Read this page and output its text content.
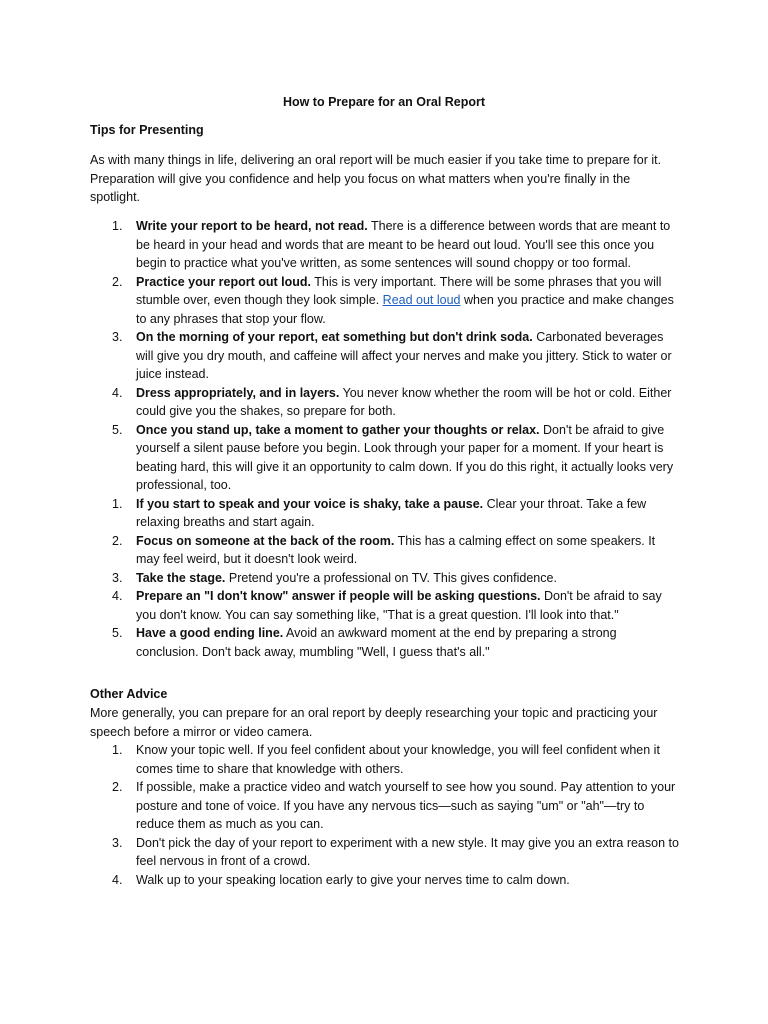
How to Prepare for an Oral Report
Tips for Presenting

As with many things in life, delivering an oral report will be much easier if you take time to prepare for it. Preparation will give you confidence and help you focus on what matters when you're finally in the spotlight.

1. Write your report to be heard, not read. There is a difference between words that are meant to be heard in your head and words that are meant to be heard out loud. You'll see this once you begin to practice what you've written, as some sentences will sound choppy or too formal.
2. Practice your report out loud. This is very important. There will be some phrases that you will stumble over, even though they look simple. Read out loud when you practice and make changes to any phrases that stop your flow.
3. On the morning of your report, eat something but don't drink soda. Carbonated beverages will give you dry mouth, and caffeine will affect your nerves and make you jittery. Stick to water or juice instead.
4. Dress appropriately, and in layers. You never know whether the room will be hot or cold. Either could give you the shakes, so prepare for both.
5. Once you stand up, take a moment to gather your thoughts or relax. Don't be afraid to give yourself a silent pause before you begin. Look through your paper for a moment. If your heart is beating hard, this will give it an opportunity to calm down. If you do this right, it actually looks very professional, too.
1. If you start to speak and your voice is shaky, take a pause. Clear your throat. Take a few relaxing breaths and start again.
2. Focus on someone at the back of the room. This has a calming effect on some speakers. It may feel weird, but it doesn't look weird.
3. Take the stage. Pretend you're a professional on TV. This gives confidence.
4. Prepare an "I don't know" answer if people will be asking questions. Don't be afraid to say you don't know. You can say something like, "That is a great question. I'll look into that."
5. Have a good ending line. Avoid an awkward moment at the end by preparing a strong conclusion. Don't back away, mumbling "Well, I guess that's all."
Other Advice

More generally, you can prepare for an oral report by deeply researching your topic and practicing your speech before a mirror or video camera.

1. Know your topic well. If you feel confident about your knowledge, you will feel confident when it comes time to share that knowledge with others.
2. If possible, make a practice video and watch yourself to see how you sound. Pay attention to your posture and tone of voice. If you have any nervous tics—such as saying "um" or "ah"—try to reduce them as much as you can.
3. Don't pick the day of your report to experiment with a new style. It may give you an extra reason to feel nervous in front of a crowd.
4. Walk up to your speaking location early to give your nerves time to calm down.
